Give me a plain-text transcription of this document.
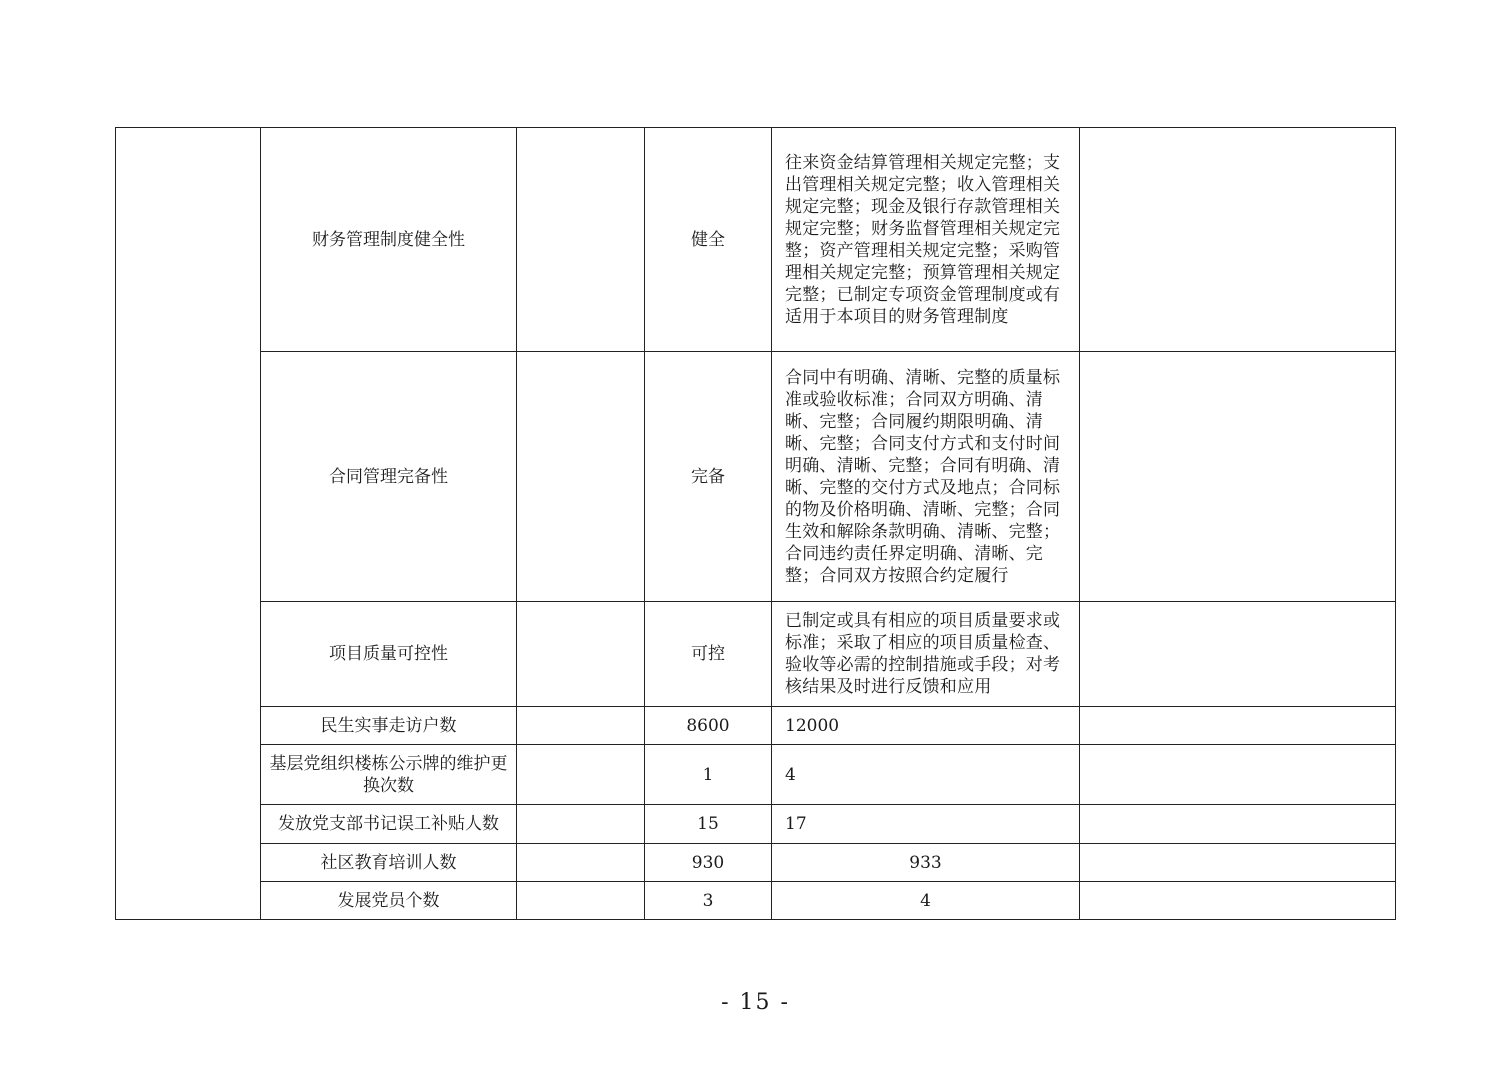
	财务管理制度健全性		健全	往来资金结算管理相关规定完整；支出管理相关规定完整；收入管理相关规定完整；现金及银行存款管理相关规定完整；财务监督管理相关规定完整；资产管理相关规定完整；采购管理相关规定完整；预算管理相关规定完整；已制定专项资金管理制度或有适用于本项目的财务管理制度	
	合同管理完备性		完备	合同中有明确、清晰、完整的质量标准或验收标准；合同双方明确、清晰、完整；合同履约期限明确、清晰、完整；合同支付方式和支付时间明确、清晰、完整；合同有明确、清晰、完整的交付方式及地点；合同标的物及价格明确、清晰、完整；合同生效和解除条款明确、清晰、完整；合同违约责任界定明确、清晰、完整；合同双方按照合约定履行	
	项目质量可控性		可控	已制定或具有相应的项目质量要求或标准；采取了相应的项目质量检查、验收等必需的控制措施或手段；对考核结果及时进行反馈和应用	
	民生实事走访户数		8600	12000	
	基层党组织楼栋公示牌的维护更换次数		1	4	
	发放党支部书记误工补贴人数		15	17	
	社区教育培训人数		930	933	
	发展党员个数		3	4	
- 15 -
